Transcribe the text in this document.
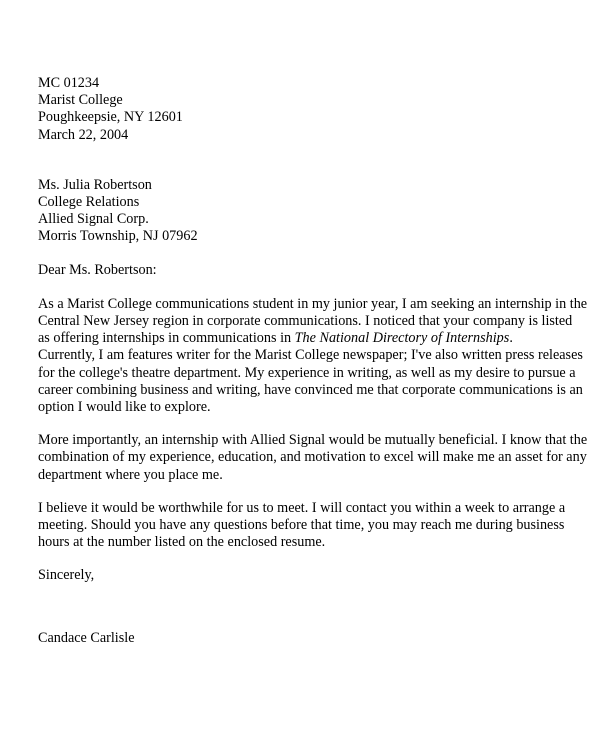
MC 01234
Marist College
Poughkeepsie, NY 12601
March 22, 2004
Ms. Julia Robertson
College Relations
Allied Signal Corp.
Morris Township, NJ 07962
Dear Ms. Robertson:
As a Marist College communications student in my junior year, I am seeking an internship in the
Central New Jersey region in corporate communications. I noticed that your company is listed
as offering internships in communications in The National Directory of Internships.
Currently, I am features writer for the Marist College newspaper; I've also written press releases
for the college's theatre department. My experience in writing, as well as my desire to pursue a
career combining business and writing, have convinced me that corporate communications is an
option I would like to explore.
More importantly, an internship with Allied Signal would be mutually beneficial. I know that the
combination of my experience, education, and motivation to excel will make me an asset for any
department where you place me.
I believe it would be worthwhile for us to meet. I will contact you within a week to arrange a
meeting. Should you have any questions before that time, you may reach me during business
hours at the number listed on the enclosed resume.
Sincerely,
Candace Carlisle
